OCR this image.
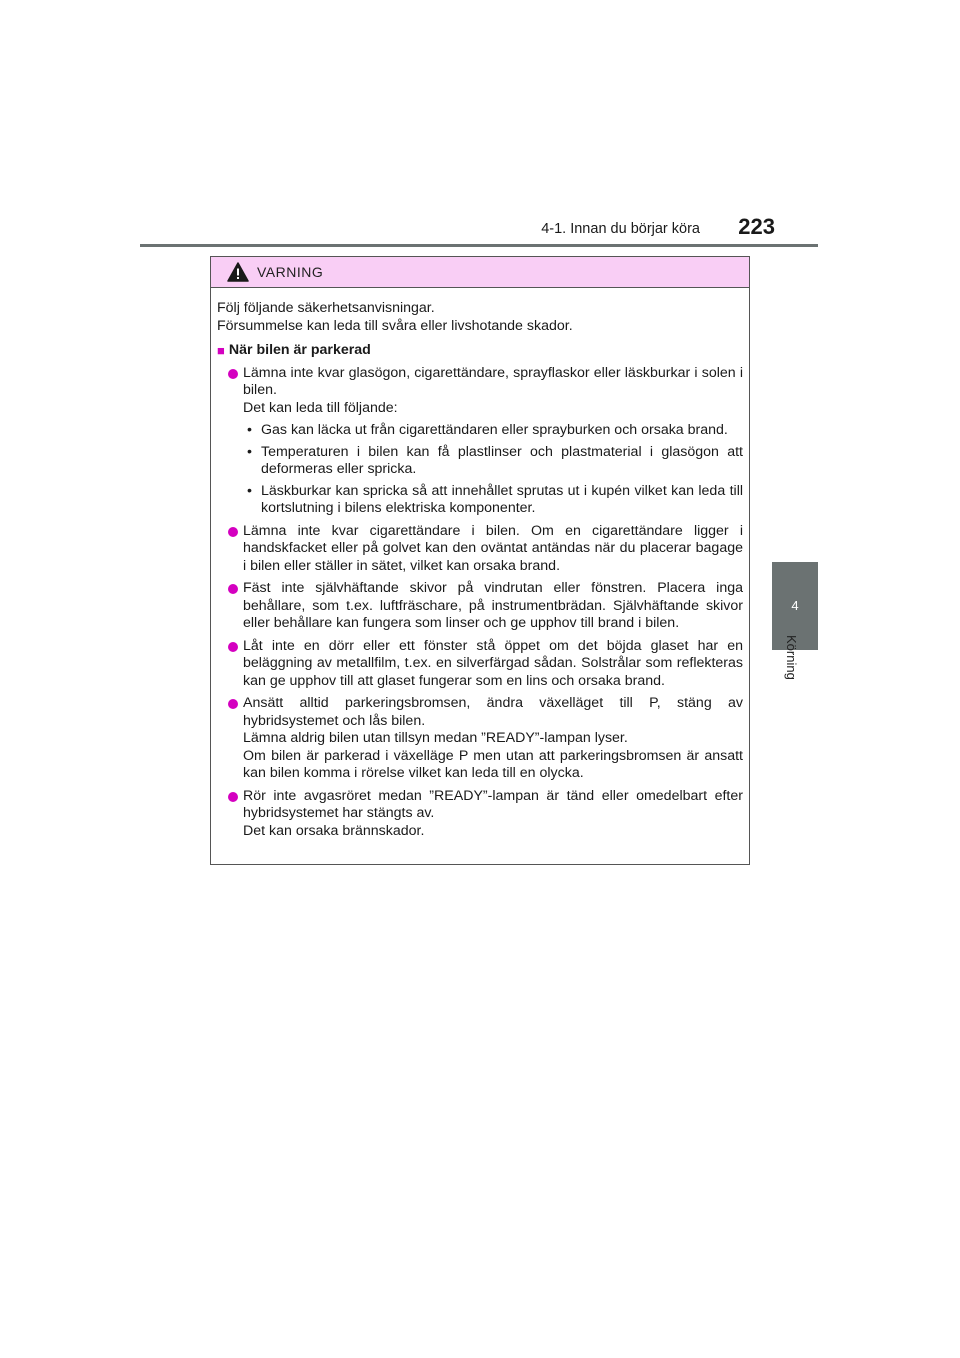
4-1. Innan du börjar köra	223
4
Körning
VARNING

Följ följande säkerhetsanvisningar.

Försummelse kan leda till svåra eller livshotande skador.

■ När bilen är parkerad
Lämna inte kvar glasögon, cigarettändare, sprayflaskor eller läskburkar i solen i bilen.
Det kan leda till följande:
• Gas kan läcka ut från cigarettändaren eller sprayburken och orsaka brand.
• Temperaturen i bilen kan få plastlinser och plastmaterial i glasögon att deformeras eller spricka.
• Läskburkar kan spricka så att innehållet sprutas ut i kupén vilket kan leda till kortslutning i bilens elektriska komponenter.
Lämna inte kvar cigarettändare i bilen. Om en cigarettändare ligger i handskfacket eller på golvet kan den oväntat antändas när du placerar bagage i bilen eller ställer in sätet, vilket kan orsaka brand.
Fäst inte självhäftande skivor på vindrutan eller fönstren. Placera inga behållare, som t.ex. luftfräschare, på instrumentbrädan. Självhäftande skivor eller behållare kan fungera som linser och ge upphov till brand i bilen.
Låt inte en dörr eller ett fönster stå öppet om det böjda glaset har en beläggning av metallfilm, t.ex. en silverfärgad sådan. Solstrålar som reflekteras kan ge upphov till att glaset fungerar som en lins och orsaka brand.
Ansätt alltid parkeringsbromsen, ändra växelläget till P, stäng av hybridsystemet och lås bilen.
Lämna aldrig bilen utan tillsyn medan ”READY”-lampan lyser.
Om bilen är parkerad i växelläge P men utan att parkeringsbromsen är ansatt kan bilen komma i rörelse vilket kan leda till en olycka.
Rör inte avgasröret medan ”READY”-lampan är tänd eller omedelbart efter hybridsystemet har stängts av.
Det kan orsaka brännskador.
